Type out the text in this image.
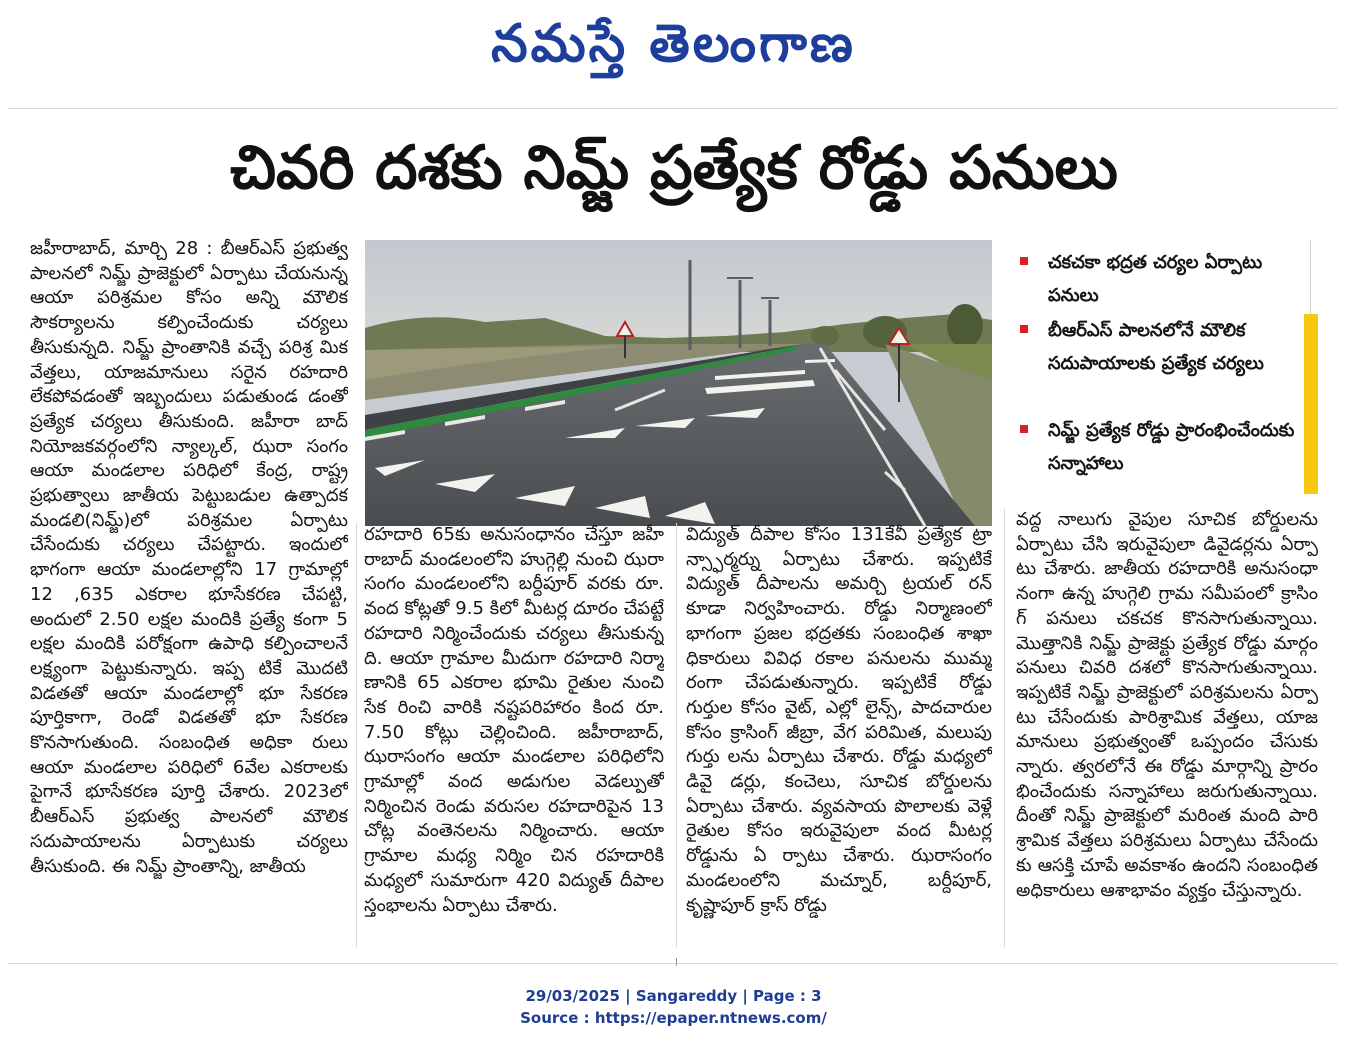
నమస్తే తెలంగాణ
చివరి దశకు నిమ్జ్ ప్రత్యేక రోడ్డు పనులు
జహీరాబాద్, మార్చి 28 : బీఆర్ఎస్ ప్రభుత్వ పాలనలో నిమ్జ్ ప్రాజెక్టులో ఏర్పాటు చేయనున్న ఆయా పరిశ్రమల కోసం అన్ని మౌలిక సౌకర్యాలను కల్పించేందుకు చర్యలు తీసుకున్నది. నిమ్జ్ ప్రాంతానికి వచ్చే పరిశ్ర మిక వేత్తలు, యాజమానులు సరైన రహదారి లేకపోవడంతో ఇబ్బందులు పడుతుండ డంతో ప్రత్యేక చర్యలు తీసుకుంది. జహీరా బాద్ నియోజకవర్గంలోని న్యాల్కల్, ఝరా సంగం ఆయా మండలాల పరిధిలో కేంద్ర, రాష్ట్ర ప్రభుత్వాలు జాతీయ పెట్టుబడుల ఉత్పాదక మండలి(నిమ్జ్)లో పరిశ్రమల ఏర్పాటు చేసేందుకు చర్యలు చేపట్టారు. ఇందులో భాగంగా ఆయా మండలాల్లోని 17 గ్రామాల్లో 12 ,635 ఎకరాల భూసేకరణ చేపట్టి, అందులో 2.50 లక్షల మందికి ప్రత్యే కంగా 5 లక్షల మందికి పరోక్షంగా ఉపాధి కల్పించాలనే లక్ష్యంగా పెట్టుకున్నారు. ఇప్ప టికే మొదటి విడతతో ఆయా మండలాల్లో భూ సేకరణ పూర్తికాగా, రెండో విడతతో భూ సేకరణ కొనసాగుతుంది. సంబంధిత అధికా రులు ఆయా మండలాల పరిధిలో 6వేల ఎకరాలకు పైగానే భూసేకరణ పూర్తి చేశారు. 2023లో బీఆర్ఎస్ ప్రభుత్వ పాలనలో మౌలిక సదుపాయాలను ఏర్పాటుకు చర్యలు తీసుకుంది. ఈ నిమ్జ్ ప్రాంతాన్ని, జాతీయ
చకచకా భద్రత చర్యల ఏర్పాటు పనులు
బీఆర్ఎస్ పాలనలోనే మౌలిక సదుపాయాలకు ప్రత్యేక చర్యలు
నిమ్జ్ ప్రత్యేక రోడ్డు ప్రారంభించేందుకు సన్నాహాలు
రహదారి 65కు అనుసంధానం చేస్తూ జహీ రాబాద్ మండలంలోని హుగ్గెల్లి నుంచి ఝరా సంగం మండలంలోని బర్దీపూర్ వరకు రూ. వంద కోట్లతో 9.5 కిలో మీటర్ల దూరం చేపట్టే రహదారి నిర్మించేందుకు చర్యలు తీసుకున్న ది. ఆయా గ్రామాల మీదుగా రహదారి నిర్మా ణానికి 65 ఎకరాల భూమి రైతుల నుంచి సేక రించి వారికి నష్టపరిహారం కింద రూ. 7.50 కోట్లు చెల్లించింది. జహీరాబాద్, ఝరాసంగం ఆయా మండలాల పరిధిలోని గ్రామాల్లో వంద అడుగుల వెడల్పుతో నిర్మించిన రెండు వరుసల రహదారిపైన 13 చోట్ల వంతెనలను నిర్మించారు. ఆయా గ్రామాల మధ్య నిర్మిం చిన రహదారికి మధ్యలో సుమారుగా 420 విద్యుత్ దీపాల స్తంభాలను ఏర్పాటు చేశారు.
విద్యుత్ దీపాల కోసం 131కేవీ ప్రత్యేక ట్రా న్స్ఫార్మర్ను ఏర్పాటు చేశారు. ఇప్పటికే విద్యుత్ దీపాలను అమర్చి ట్రయల్ రన్ కూడా నిర్వహించారు. రోడ్డు నిర్మాణంలో భాగంగా ప్రజల భద్రతకు సంబంధిత శాఖా ధికారులు వివిధ రకాల పనులను ముమ్మ రంగా చేపడుతున్నారు. ఇప్పటికే రోడ్డు గుర్తుల కోసం వైట్, ఎల్లో లైన్స్, పాదచారుల కోసం క్రాసింగ్ జీబ్రా, వేగ పరిమిత, మలుపు గుర్తు లను ఏర్పాటు చేశారు. రోడ్డు మధ్యలో డివై డర్లు, కంచెలు, సూచిక బోర్డులను ఏర్పాటు చేశారు. వ్యవసాయ పొలాలకు వెళ్లే రైతుల కోసం ఇరువైపులా వంద మీటర్ల రోడ్డును ఏ ర్పాటు చేశారు. ఝరాసంగం మండలంలోని మచ్నూర్, బర్దీపూర్, కృష్ణాపూర్ క్రాస్ రోడ్డు
వద్ద నాలుగు వైపుల సూచిక బోర్డులను ఏర్పాటు చేసి ఇరువైపులా డివైడర్లను ఏర్పా టు చేశారు. జాతీయ రహదారికి అనుసంధా నంగా ఉన్న హుగ్గెలి గ్రామ సమీపంలో క్రాసిం గ్ పనులు చకచక కొనసాగుతున్నాయి. మొత్తానికి నిమ్జ్ ప్రాజెక్టు ప్రత్యేక రోడ్డు మార్గం పనులు చివరి దశలో కొనసాగుతున్నాయి. ఇప్పటికే నిమ్జ్ ప్రాజెక్టులో పరిశ్రమలను ఏర్పా టు చేసేందుకు పారిశ్రామిక వేత్తలు, యాజ మానులు ప్రభుత్వంతో ఒప్పందం చేసుకు న్నారు. త్వరలోనే ఈ రోడ్డు మార్గాన్ని ప్రారం భించేందుకు సన్నాహాలు జరుగుతున్నాయి. దీంతో నిమ్జ్ ప్రాజెక్టులో మరింత మంది పారి శ్రామిక వేత్తలు పరిశ్రమలు ఏర్పాటు చేసేందు కు ఆసక్తి చూపే అవకాశం ఉందని సంబంధిత అధికారులు ఆశాభావం వ్యక్తం చేస్తున్నారు.
29/03/2025 | Sangareddy | Page : 3
Source : https://epaper.ntnews.com/
